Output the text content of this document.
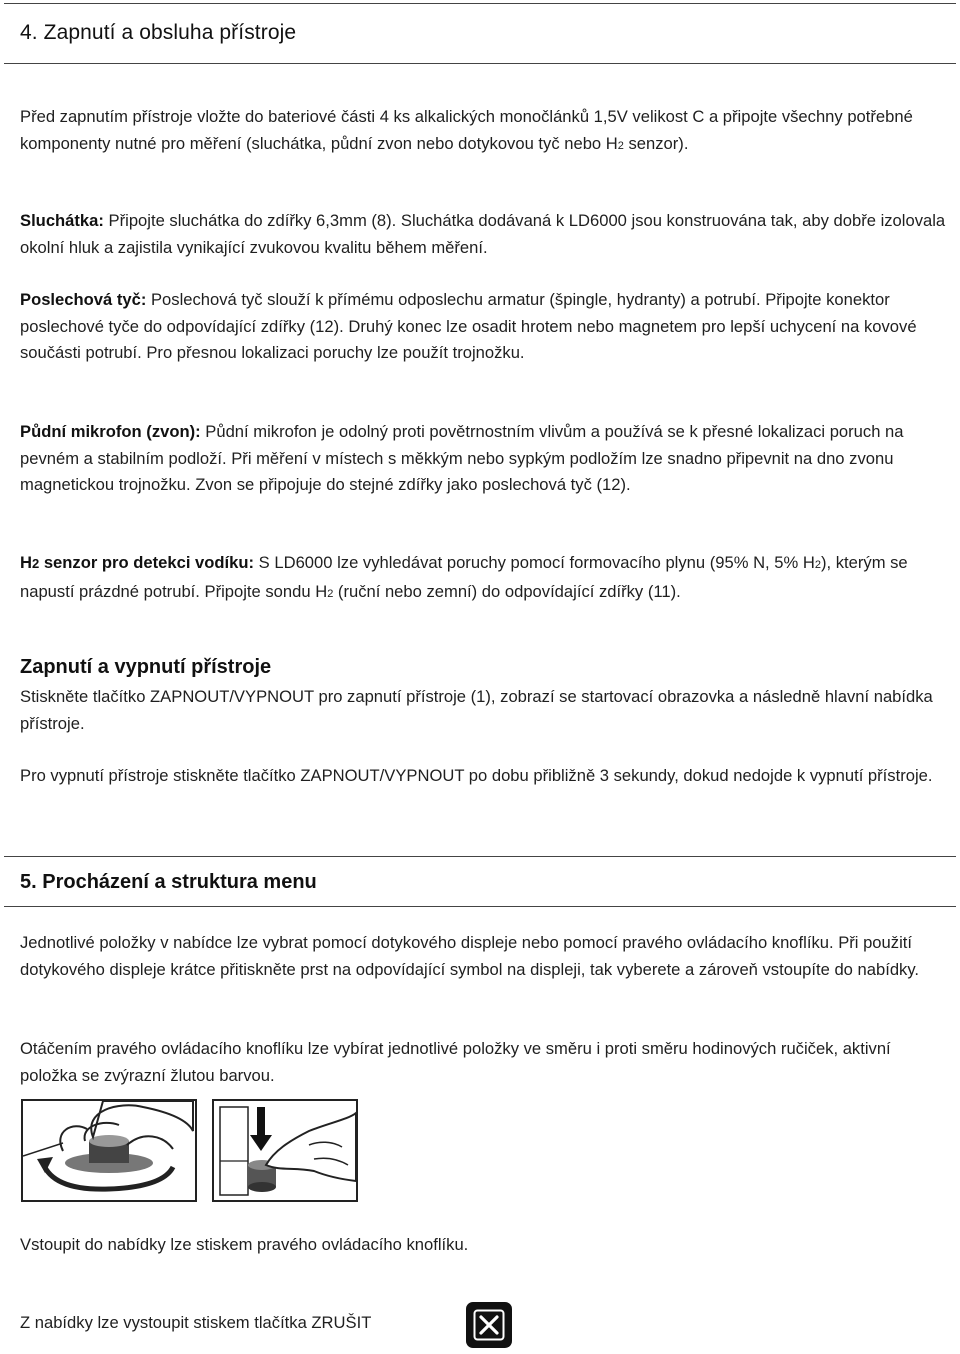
4. Zapnutí a obsluha přístroje
Před zapnutím přístroje vložte do bateriové části 4 ks alkalických monočlánků 1,5V velikost C a připojte všechny potřebné komponenty nutné pro měření (sluchátka, půdní zvon nebo dotykovou tyč nebo H2 senzor).
Sluchátka: Připojte sluchátka do zdířky 6,3mm (8). Sluchátka dodávaná k LD6000 jsou konstruována tak, aby dobře izolovala okolní hluk a zajistila vynikající zvukovou kvalitu během měření.
Poslechová tyč: Poslechová tyč slouží k přímému odposlechu armatur (špingle, hydranty) a potrubí. Připojte konektor poslechové tyče do odpovídající zdířky (12). Druhý konec lze osadit hrotem nebo magnetem pro lepší uchycení na kovové součásti potrubí. Pro přesnou lokalizaci poruchy lze použít trojnožku.
Půdní mikrofon (zvon): Půdní mikrofon je odolný proti povětrnostním vlivům a používá se k přesné lokalizaci poruch na pevném a stabilním podloží. Při měření v místech s měkkým nebo sypkým podložím lze snadno připevnit na dno zvonu magnetickou trojnožku. Zvon se připojuje do stejné zdířky jako poslechová tyč (12).
H2 senzor pro detekci vodíku: S LD6000 lze vyhledávat poruchy pomocí formovacího plynu (95% N, 5% H2), kterým se napustí prázdné potrubí. Připojte sondu H2 (ruční nebo zemní) do odpovídající zdířky (11).
Zapnutí a vypnutí přístroje
Stiskněte tlačítko ZAPNOUT/VYPNOUT pro zapnutí přístroje (1), zobrazí se startovací obrazovka a následně hlavní nabídka přístroje.
Pro vypnutí přístroje stiskněte tlačítko ZAPNOUT/VYPNOUT po dobu přibližně 3 sekundy, dokud nedojde k vypnutí přístroje.
5. Procházení a struktura menu
Jednotlivé položky v nabídce lze vybrat pomocí dotykového displeje nebo pomocí pravého ovládacího knoflíku. Při použití dotykového displeje krátce přitiskněte prst na odpovídající symbol na displeji, tak vyberete a zároveň vstoupíte do nabídky.
Otáčením pravého ovládacího knoflíku lze vybírat jednotlivé položky ve směru i proti směru hodinových ručiček, aktivní položka se zvýrazní žlutou barvou.
Vstoupit do nabídky lze stiskem pravého ovládacího knoflíku.
Z nabídky lze vystoupit stiskem tlačítka ZRUŠIT
